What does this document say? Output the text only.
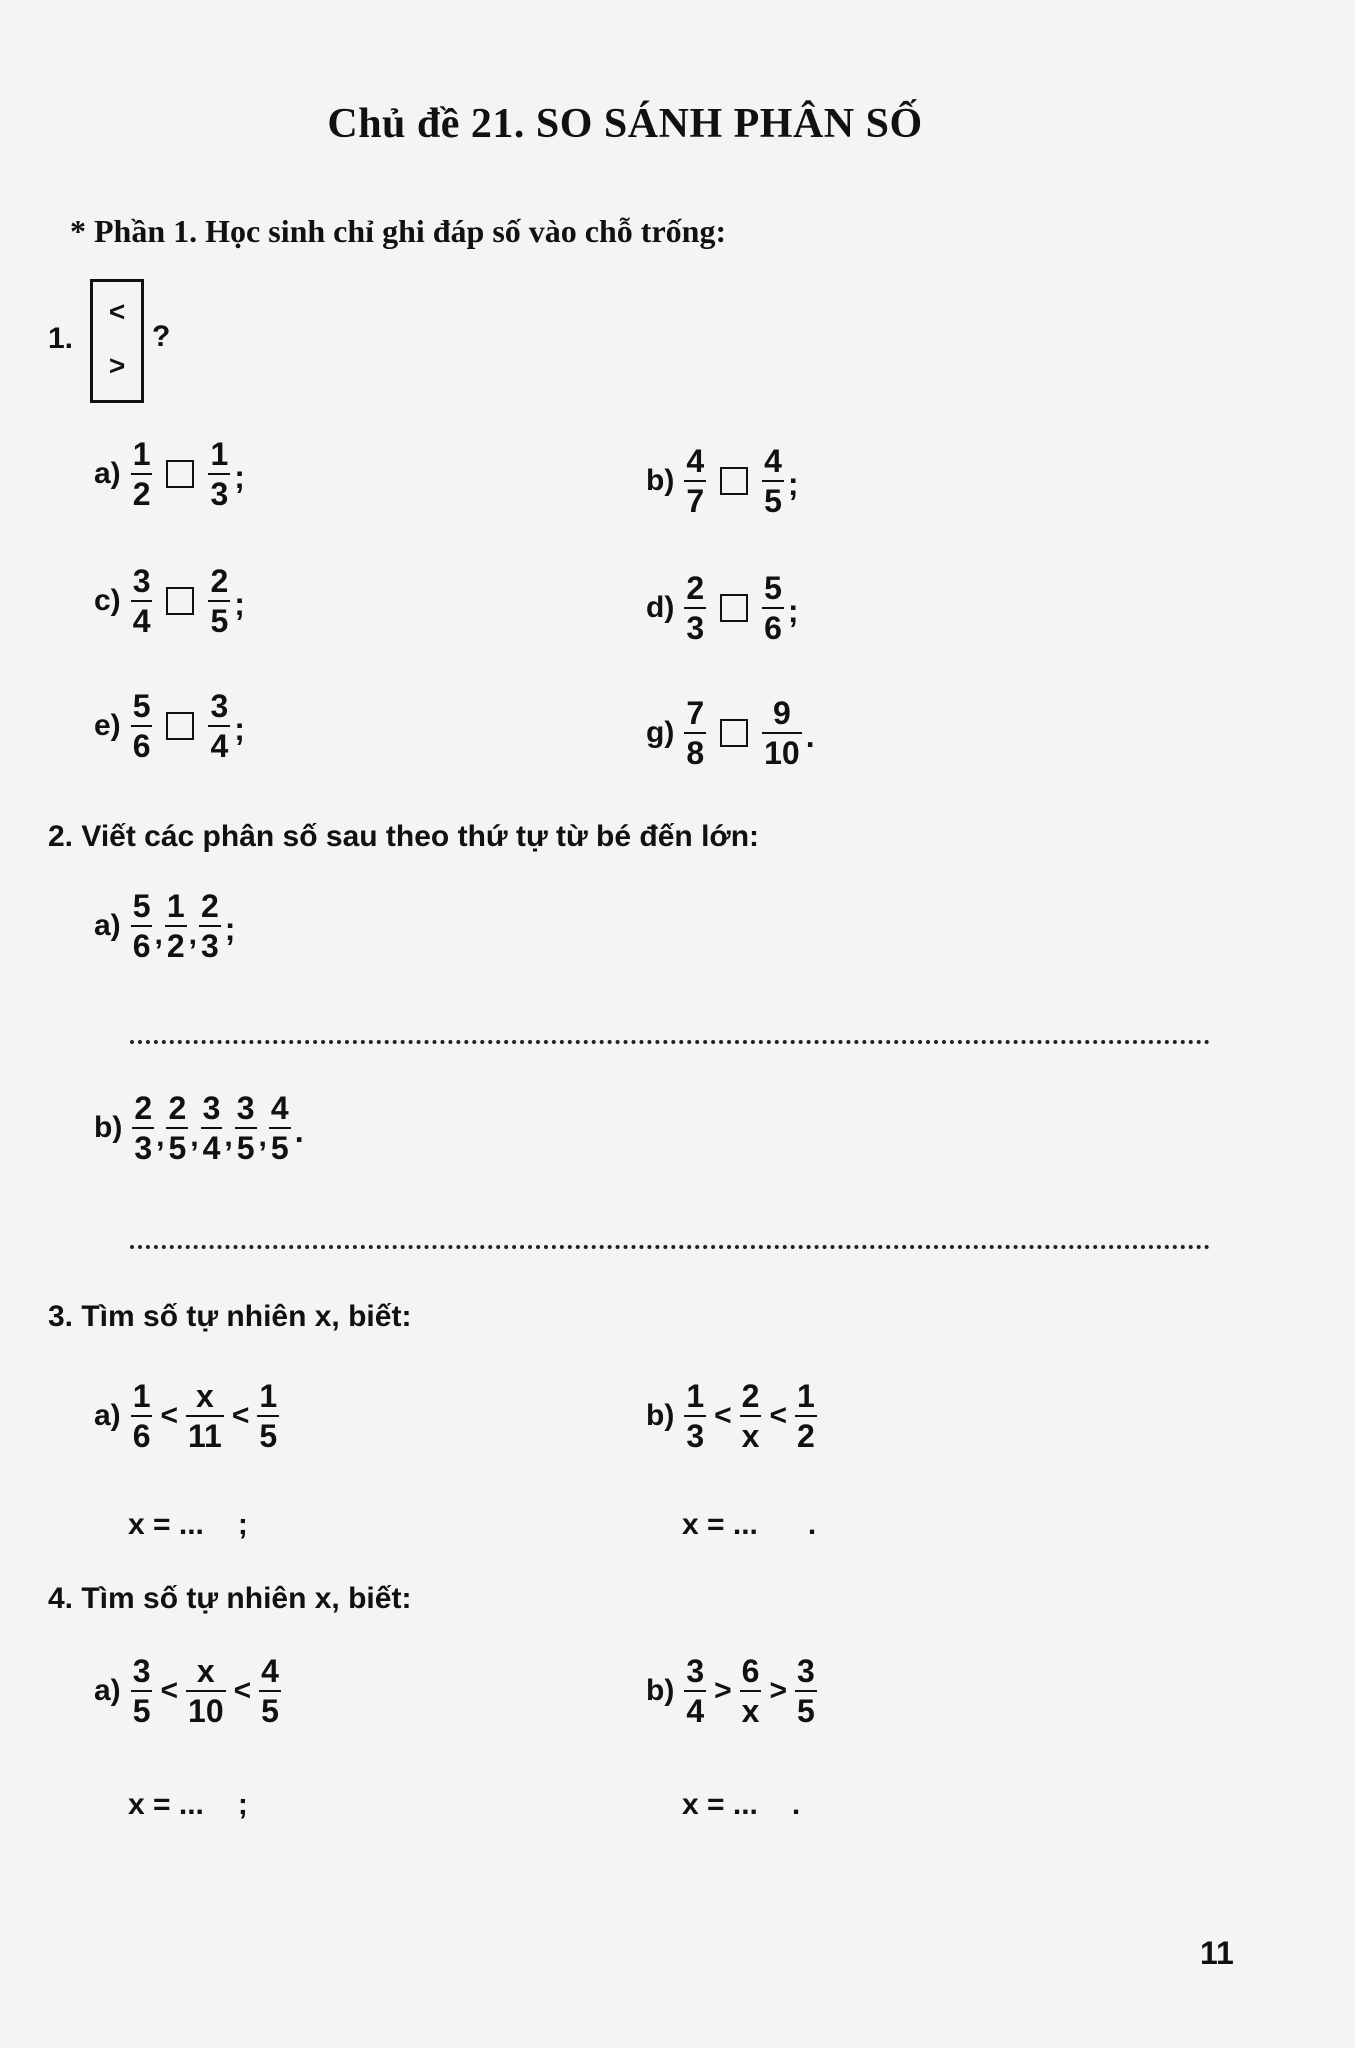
Chủ đề 21. SO SÁNH PHÂN SỐ
* Phần 1. Học sinh chỉ ghi đáp số vào chỗ trống:
1.
<
>
?
$a) \frac{1}{2} \frac{1}{3}$ ;	$b) \frac{4}{7} \frac{4}{5}$ ;
$c) \frac{3}{4} \frac{2}{5}$ ;	$d) \frac{2}{3} \frac{5}{6}$ ;
$e) \frac{5}{6} \frac{3}{4}$ ;	$g) \frac{7}{8} \frac{9}{10}$ .
2. Viết các phân số sau theo thứ tự từ bé đến lớn:
$a) \frac{5}{6}$ , $\frac{1}{2}$ , $\frac{2}{3}$ ;
$b) \frac{2}{3}$ , $\frac{2}{5}$ , $\frac{3}{4}$ , $\frac{3}{5}$ , $\frac{4}{5}$ .
3. Tìm số tự nhiên x, biết:
$a) \frac{1}{6} < \frac{x}{11} < \frac{1}{5}$	$b) \frac{1}{3} < \frac{2}{x} < \frac{1}{2}$
x = ... ;	x = ... .
4. Tìm số tự nhiên x, biết:
$a) \frac{3}{5} < \frac{x}{10} < \frac{4}{5}$	$b) \frac{3}{4} > \frac{6}{x} > \frac{3}{5}$
x = ... ;	x = ... .
11
